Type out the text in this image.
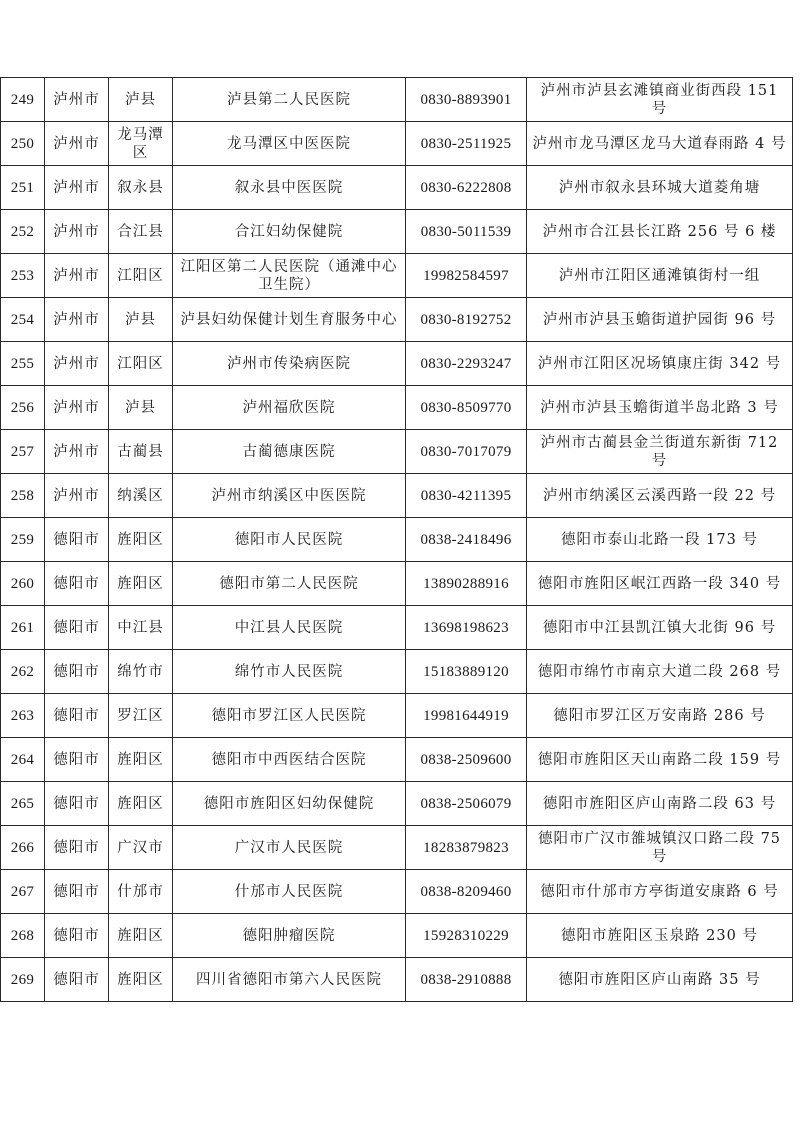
249	泸州市	泸县	泸县第二人民医院	0830-8893901	泸州市泸县玄滩镇商业街西段 151 号
250	泸州市	龙马潭区	龙马潭区中医医院	0830-2511925	泸州市龙马潭区龙马大道春雨路 4 号
251	泸州市	叙永县	叙永县中医医院	0830-6222808	泸州市叙永县环城大道菱角塘
252	泸州市	合江县	合江妇幼保健院	0830-5011539	泸州市合江县长江路 256 号 6 楼
253	泸州市	江阳区	江阳区第二人民医院（通滩中心卫生院）	19982584597	泸州市江阳区通滩镇街村一组
254	泸州市	泸县	泸县妇幼保健计划生育服务中心	0830-8192752	泸州市泸县玉蟾街道护园街 96 号
255	泸州市	江阳区	泸州市传染病医院	0830-2293247	泸州市江阳区况场镇康庄街 342 号
256	泸州市	泸县	泸州福欣医院	0830-8509770	泸州市泸县玉蟾街道半岛北路 3 号
257	泸州市	古蔺县	古蔺德康医院	0830-7017079	泸州市古蔺县金兰街道东新街 712 号
258	泸州市	纳溪区	泸州市纳溪区中医医院	0830-4211395	泸州市纳溪区云溪西路一段 22 号
259	德阳市	旌阳区	德阳市人民医院	0838-2418496	德阳市泰山北路一段 173 号
260	德阳市	旌阳区	德阳市第二人民医院	13890288916	德阳市旌阳区岷江西路一段 340 号
261	德阳市	中江县	中江县人民医院	13698198623	德阳市中江县凯江镇大北街 96 号
262	德阳市	绵竹市	绵竹市人民医院	15183889120	德阳市绵竹市南京大道二段 268 号
263	德阳市	罗江区	德阳市罗江区人民医院	19981644919	德阳市罗江区万安南路 286 号
264	德阳市	旌阳区	德阳市中西医结合医院	0838-2509600	德阳市旌阳区天山南路二段 159 号
265	德阳市	旌阳区	德阳市旌阳区妇幼保健院	0838-2506079	德阳市旌阳区庐山南路二段 63 号
266	德阳市	广汉市	广汉市人民医院	18283879823	德阳市广汉市雒城镇汉口路二段 75 号
267	德阳市	什邡市	什邡市人民医院	0838-8209460	德阳市什邡市方亭街道安康路 6 号
268	德阳市	旌阳区	德阳肿瘤医院	15928310229	德阳市旌阳区玉泉路 230 号
269	德阳市	旌阳区	四川省德阳市第六人民医院	0838-2910888	德阳市旌阳区庐山南路 35 号
